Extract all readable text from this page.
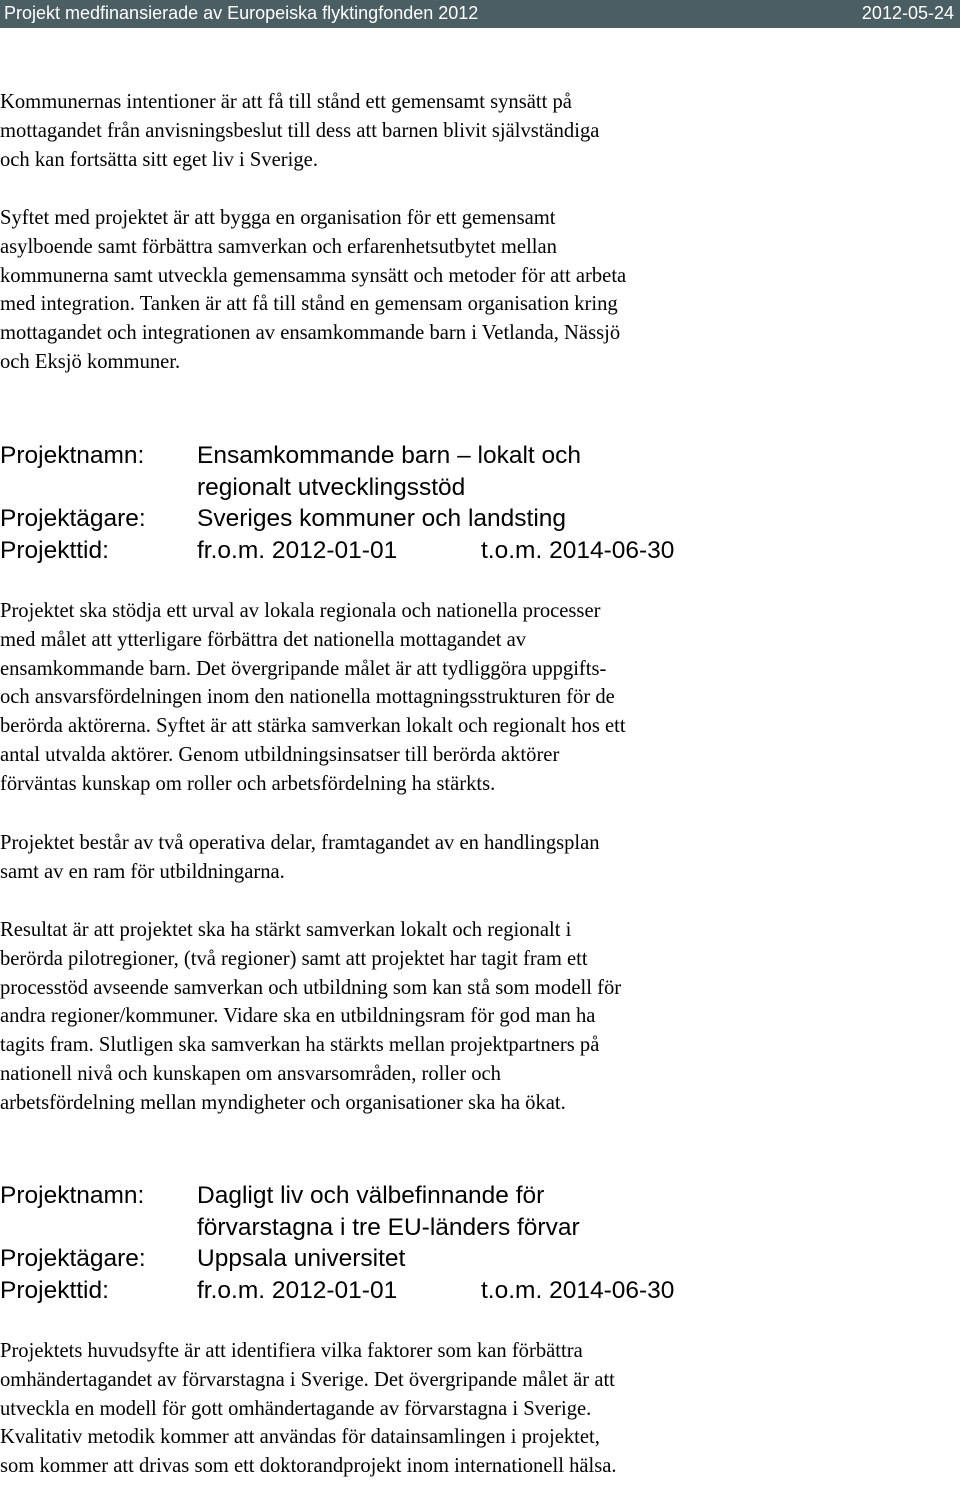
Projekt medfinansierade av Europeiska flyktingfonden 2012	2012-05-24

Kommunernas intentioner är att få till stånd ett gemensamt synsätt på
mottagandet från anvisningsbeslut till dess att barnen blivit självständiga
och kan fortsätta sitt eget liv i Sverige.

Syftet med projektet är att bygga en organisation för ett gemensamt
asylboende samt förbättra samverkan och erfarenhetsutbytet mellan
kommunerna samt utveckla gemensamma synsätt och metoder för att arbeta
med integration. Tanken är att få till stånd en gemensam organisation kring
mottagandet och integrationen av ensamkommande barn i Vetlanda, Nässjö
och Eksjö kommuner.

Projektnamn: Ensamkommande barn – lokalt och
regionalt utvecklingsstöd
Projektägare: Sveriges kommuner och landsting
Projekttid:	fr.o.m. 2012-01-01	t.o.m. 2014-06-30

Projektet ska stödja ett urval av lokala regionala och nationella processer
med målet att ytterligare förbättra det nationella mottagandet av
ensamkommande barn. Det övergripande målet är att tydliggöra uppgifts-
och ansvarsfördelningen inom den nationella mottagningsstrukturen för de
berörda aktörerna. Syftet är att stärka samverkan lokalt och regionalt hos ett
antal utvalda aktörer. Genom utbildningsinsatser till berörda aktörer
förväntas kunskap om roller och arbetsfördelning ha stärkts.

Projektet består av två operativa delar, framtagandet av en handlingsplan
samt av en ram för utbildningarna.

Resultat är att projektet ska ha stärkt samverkan lokalt och regionalt i
berörda pilotregioner, (två regioner) samt att projektet har tagit fram ett
processtöd avseende samverkan och utbildning som kan stå som modell för
andra regioner/kommuner. Vidare ska en utbildningsram för god man ha
tagits fram. Slutligen ska samverkan ha stärkts mellan projektpartners på
nationell nivå och kunskapen om ansvarsområden, roller och
arbetsfördelning mellan myndigheter och organisationer ska ha ökat.

Projektnamn: Dagligt liv och välbefinnande för
förvarstagna i tre EU-länders förvar
Projektägare: Uppsala universitet
Projekttid:	fr.o.m. 2012-01-01	t.o.m. 2014-06-30

Projektets huvudsyfte är att identifiera vilka faktorer som kan förbättra
omhändertagandet av förvarstagna i Sverige. Det övergripande målet är att
utveckla en modell för gott omhändertagande av förvarstagna i Sverige.
Kvalitativ metodik kommer att användas för datainsamlingen i projektet,
som kommer att drivas som ett doktorandprojekt inom internationell hälsa.
